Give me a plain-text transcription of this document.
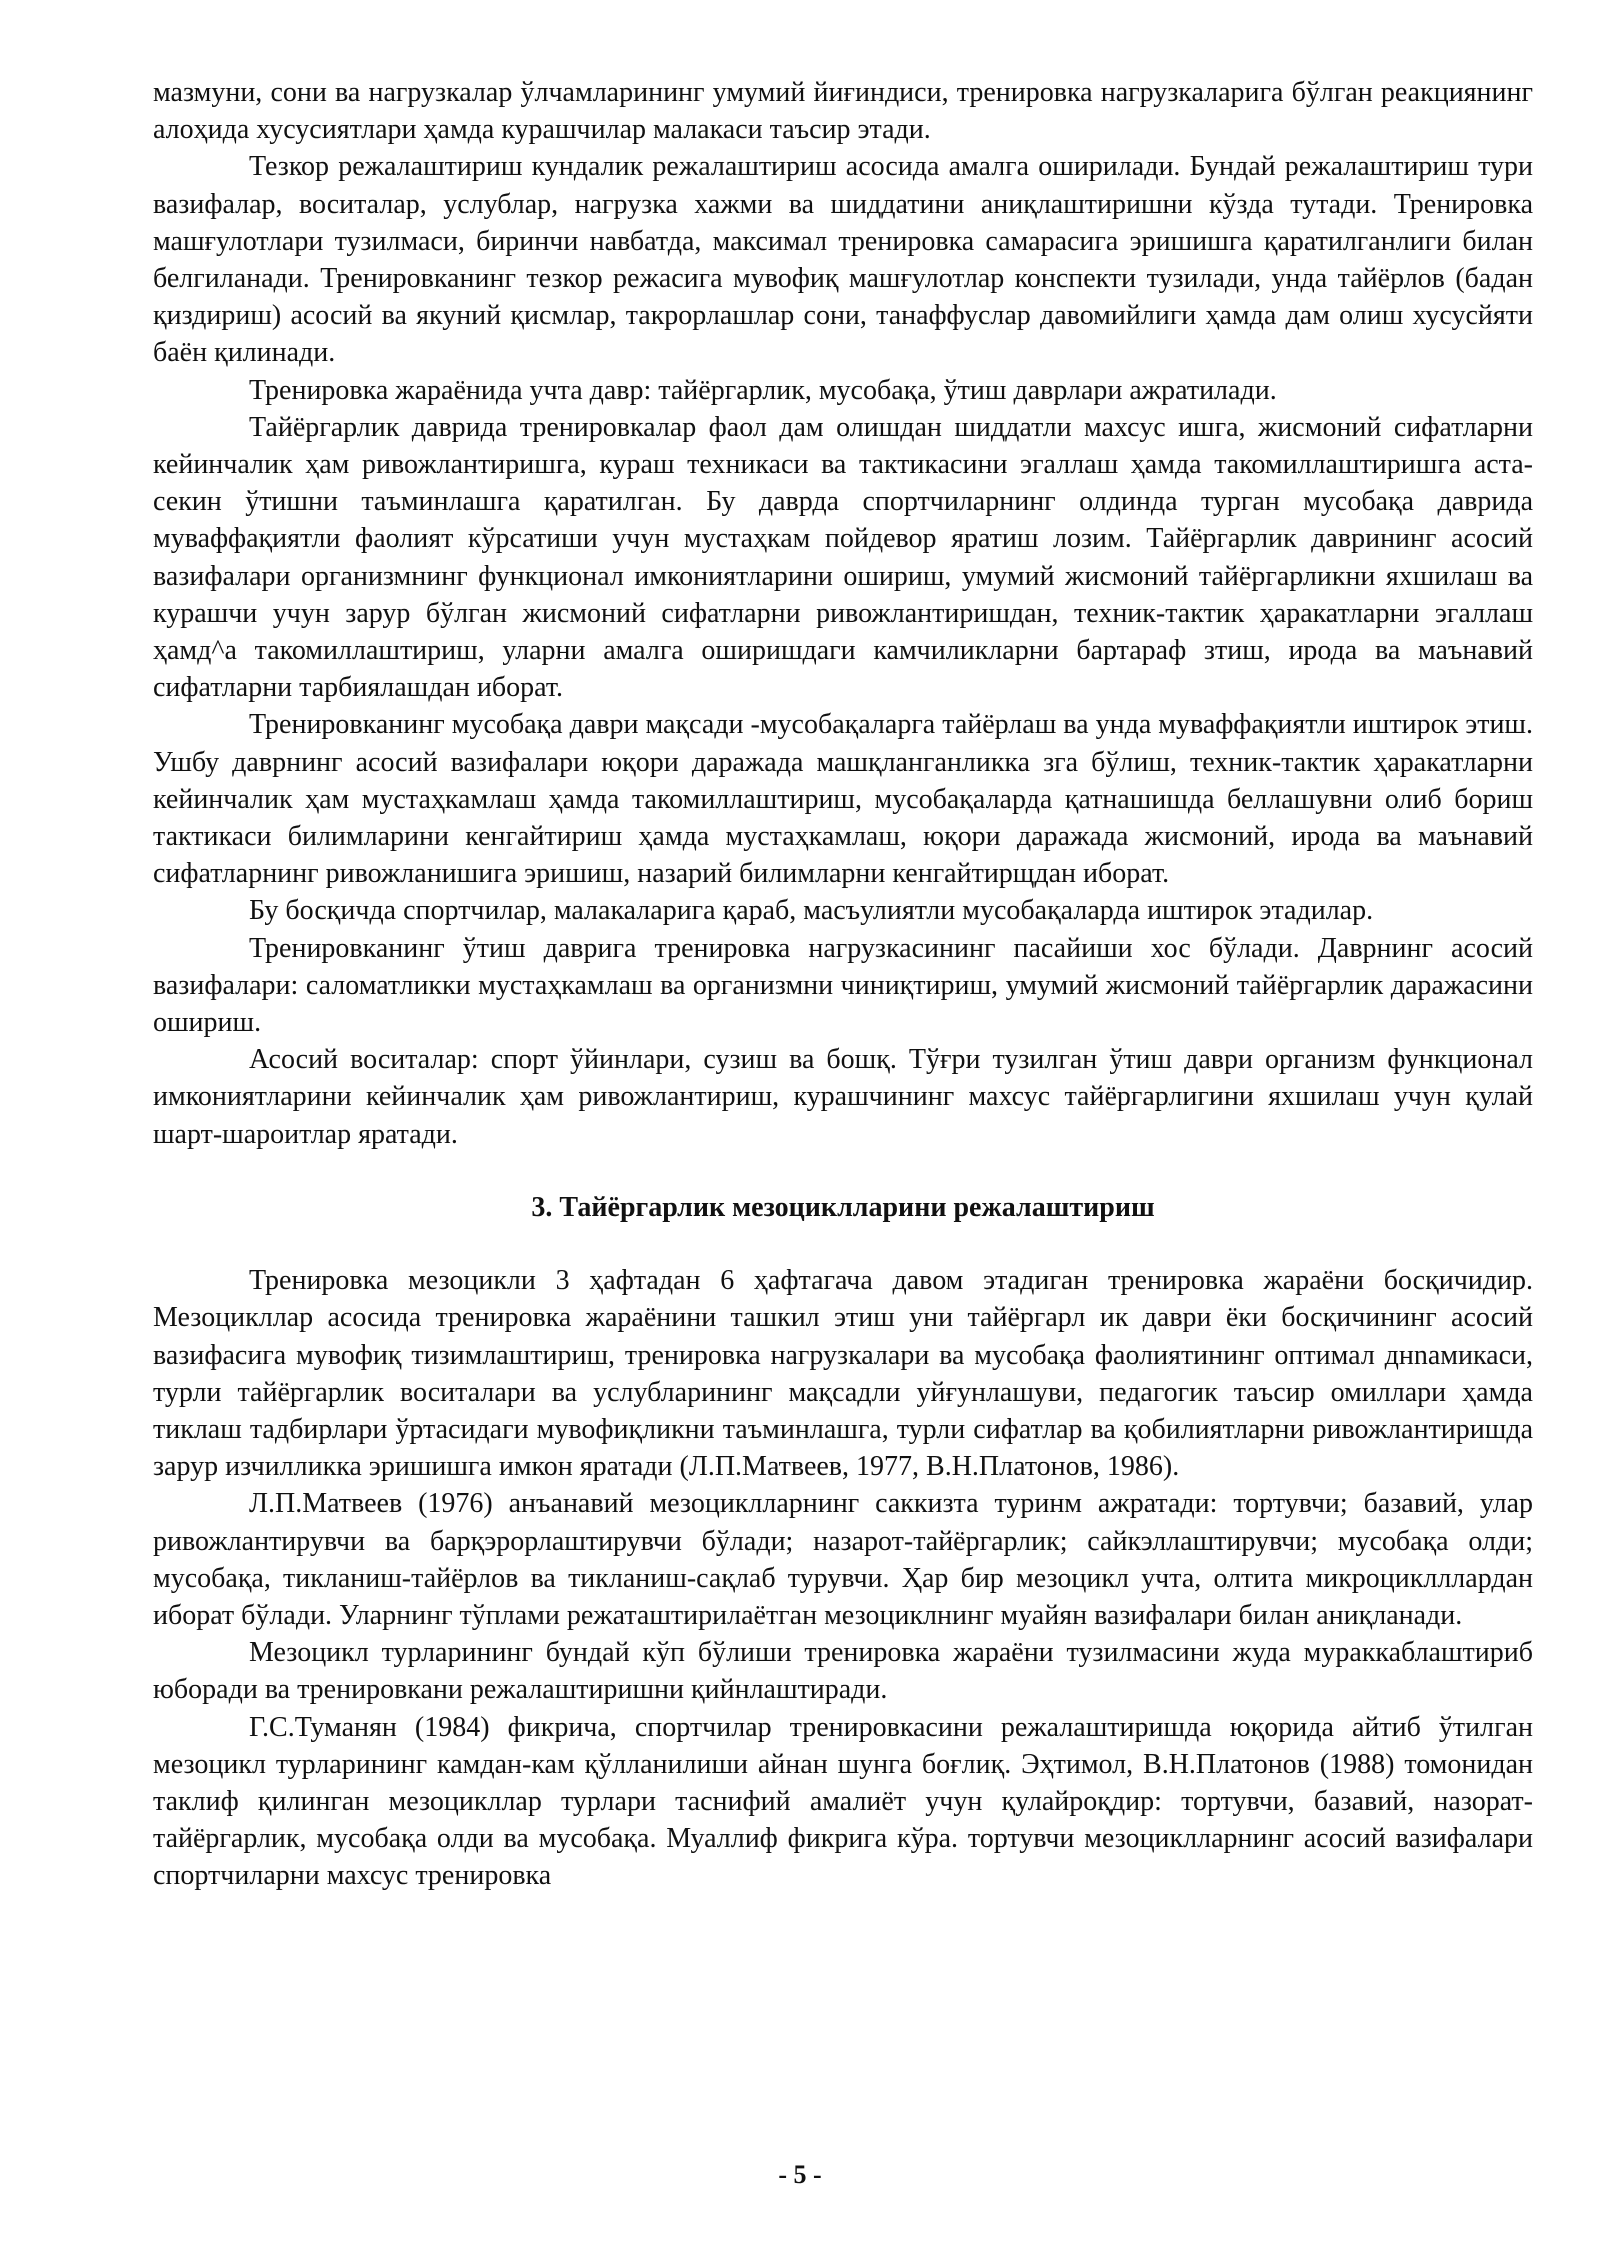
мазмуни, сони ва нагрузкалар ўлчамларининг умумий йиғиндиси, тренировка нагрузкаларига бўлган реакциянинг алоҳида хусусиятлари ҳамда курашчилар малакаси таъсир этади.

Тезкор режалаштириш кундалик режалаштириш асосида амалга оширилади. Бундай режалаштириш тури вазифалар, воситалар, услублар, нагрузка хажми ва шиддатини аниқлаштиришни кўзда тутади. Тренировка машғулотлари тузилмаси, биринчи навбатда, максимал тренировка самарасига эришишга қаратилганлиги билан белгиланади. Тренировканинг тезкор режасига мувофиқ машғулотлар конспекти тузилади, унда тайёрлов (бадан қиздириш) асосий ва якуний қисмлар, такрорлашлар сони, танаффуслар давомийлиги ҳамда дам олиш хусусйяти баён қилинади.

Тренировка жараёнида учта давр: тайёргарлик, мусобақа, ўтиш даврлари ажратилади.

Тайёргарлик даврида тренировкалар фаол дам олишдан шиддатли махсус ишга, жисмоний сифатларни кейинчалик ҳам ривожлантиришга, кураш техникаси ва тактикасини эгаллаш ҳамда такомиллаштиришга аста-секин ўтишни таъминлашга қаратилган. Бу даврда спортчиларнинг олдинда турган мусобақа даврида муваффақиятли фаолият кўрсатиши учун мустаҳкам пойдевор яратиш лозим. Тайёргарлик даврининг асосий вазифалари организмнинг функционал имкониятларини ошириш, умумий жисмоний тайёргарликни яхшилаш ва курашчи учун зарур бўлган жисмоний сифатларни ривожлантиришдан, техник-тактик ҳаракатларни эгаллаш ҳамд^а такомиллаштириш, уларни амалга оширишдаги камчиликларни бартараф зтиш, ирода ва маънавий сифатларни тарбиялашдан иборат.

Тренировканинг мусобақа даври мақсади -мусобақаларга тайёрлаш ва унда муваффақиятли иштирок этиш. Ушбу даврнинг асосий вазифалари юқори даражада машқланганликка зга бўлиш, техник-тактик ҳаракатларни кейинчалик ҳам мустаҳкамлаш ҳамда такомиллаштириш, мусобақаларда қатнашишда беллашувни олиб бориш тактикаси билимларини кенгайтириш ҳамда мустаҳкамлаш, юқори даражада жисмоний, ирода ва маънавий сифатларнинг ривожланишига эришиш, назарий билимларни кенгайтирщдан иборат.

Бу босқичда спортчилар, малакаларига қараб, масъулиятли мусобақаларда иштирок этадилар.

Тренировканинг ўтиш даврига тренировка нагрузкасининг пасайиши хос бўлади. Даврнинг асосий вазифалари: саломатликки мустаҳкамлаш ва организмни чиниқтириш, умумий жисмоний тайёргарлик даражасини ошириш.

Асосий воситалар: спорт ўйинлари, сузиш ва бошқ. Тўғри тузилган ўтиш даври организм функционал имкониятларини кейинчалик ҳам ривожлантириш, курашчининг махсус тайёргарлигини яхшилаш учун қулай шарт-шароитлар яратади.

3. Тайёргарлик мезоциклларини режалаштириш

Тренировка мезоцикли 3 ҳафтадан 6 ҳафтагача давом этадиган тренировка жараёни босқичидир. Мезоцикллар асосида тренировка жараёнини ташкил этиш уни тайёргарл ик даври ёки босқичининг асосий вазифасига мувофиқ тизимлаштириш, тренировка нагрузкалари ва мусобақа фаолиятининг оптимал днnамикаси, турли тайёргарлик воситалари ва услубларининг мақсадли уйғунлашуви, педагогик таъсир омиллари ҳамда тиклаш тадбирлари ўртасидаги мувофиқликни таъминлашга, турли сифатлар ва қобилиятларни ривожлантиришда зарур изчилликка эришишга имкон яратади (Л.П.Матвеев, 1977, В.Н.Платонов, 1986).

Л.П.Матвеев (1976) анъанавий мезоциклларнинг саккизта туринм ажратади: тортувчи; базавий, улар ривожлантирувчи ва барқэрорлаштирувчи бўлади; назарот-тайёргарлик; сайкэллаштирувчи; мусобақа олди; мусобақа, тикланиш-тайёрлов ва тикланиш-сақлаб турувчи. Ҳар бир мезоцикл учта, олтита микроциклллардан иборат бўлади. Уларнинг тўплами режаташтирилаётган мезоциклнинг муайян вазифалари билан аниқланади.

Мезоцикл турларининг бундай кўп бўлиши тренировка жараёни тузилмасини жуда мураккаблаштириб юборади ва тренировкани режалаштиришни қийнлаштиради.

Г.С.Туманян (1984) фикрича, спортчилар тренировкасини режалаштиришда юқорида айтиб ўтилган мезоцикл турларининг камдан-кам қўлланилиши айнан шунга боғлиқ. Эҳтимол, В.Н.Платонов (1988) томонидан таклиф қилинган мезоцикллар турлари таснифий амалиёт учун қулайроқдир: тортувчи, базавий, назорат-тайёргарлик, мусобақа олди ва мусобақа. Муаллиф фикрига кўра. тортувчи мезоциклларнинг асосий вазифалари спортчиларни махсус тренировка

- 5 -
